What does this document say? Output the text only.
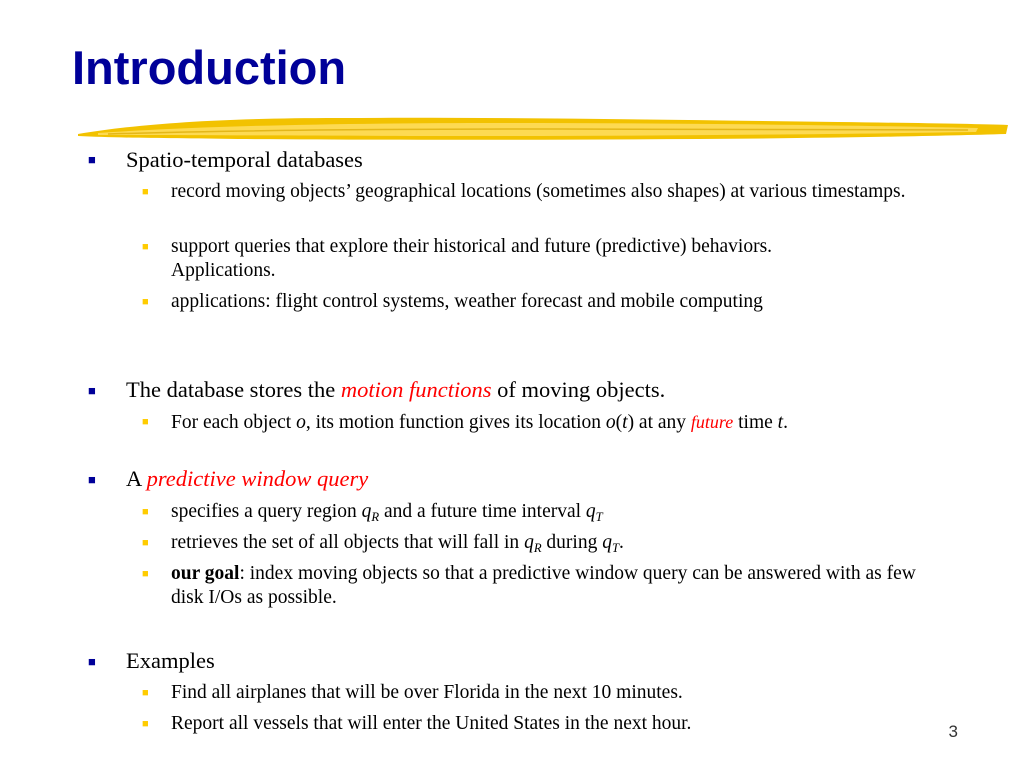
Introduction
■ Spatio-temporal databases
■ record moving objects’ geographical locations (sometimes also shapes) at various timestamps.
■ support queries that explore their historical and future (predictive) behaviors. Applications.
■ applications: flight control systems, weather forecast and mobile computing
■ The database stores the motion functions of moving objects.
■ For each object o, its motion function gives its location o(t) at any future time t.
■ A predictive window query
■ specifies a query region $q_R$ and a future time interval $q_T$
■ retrieves the set of all objects that will fall in $q_R$ during $q_T$.
■ our goal: index moving objects so that a predictive window query can be answered with as few disk I/Os as possible.
■ Examples
■ Find all airplanes that will be over Florida in the next 10 minutes.
■ Report all vessels that will enter the United States in the next hour.	3
